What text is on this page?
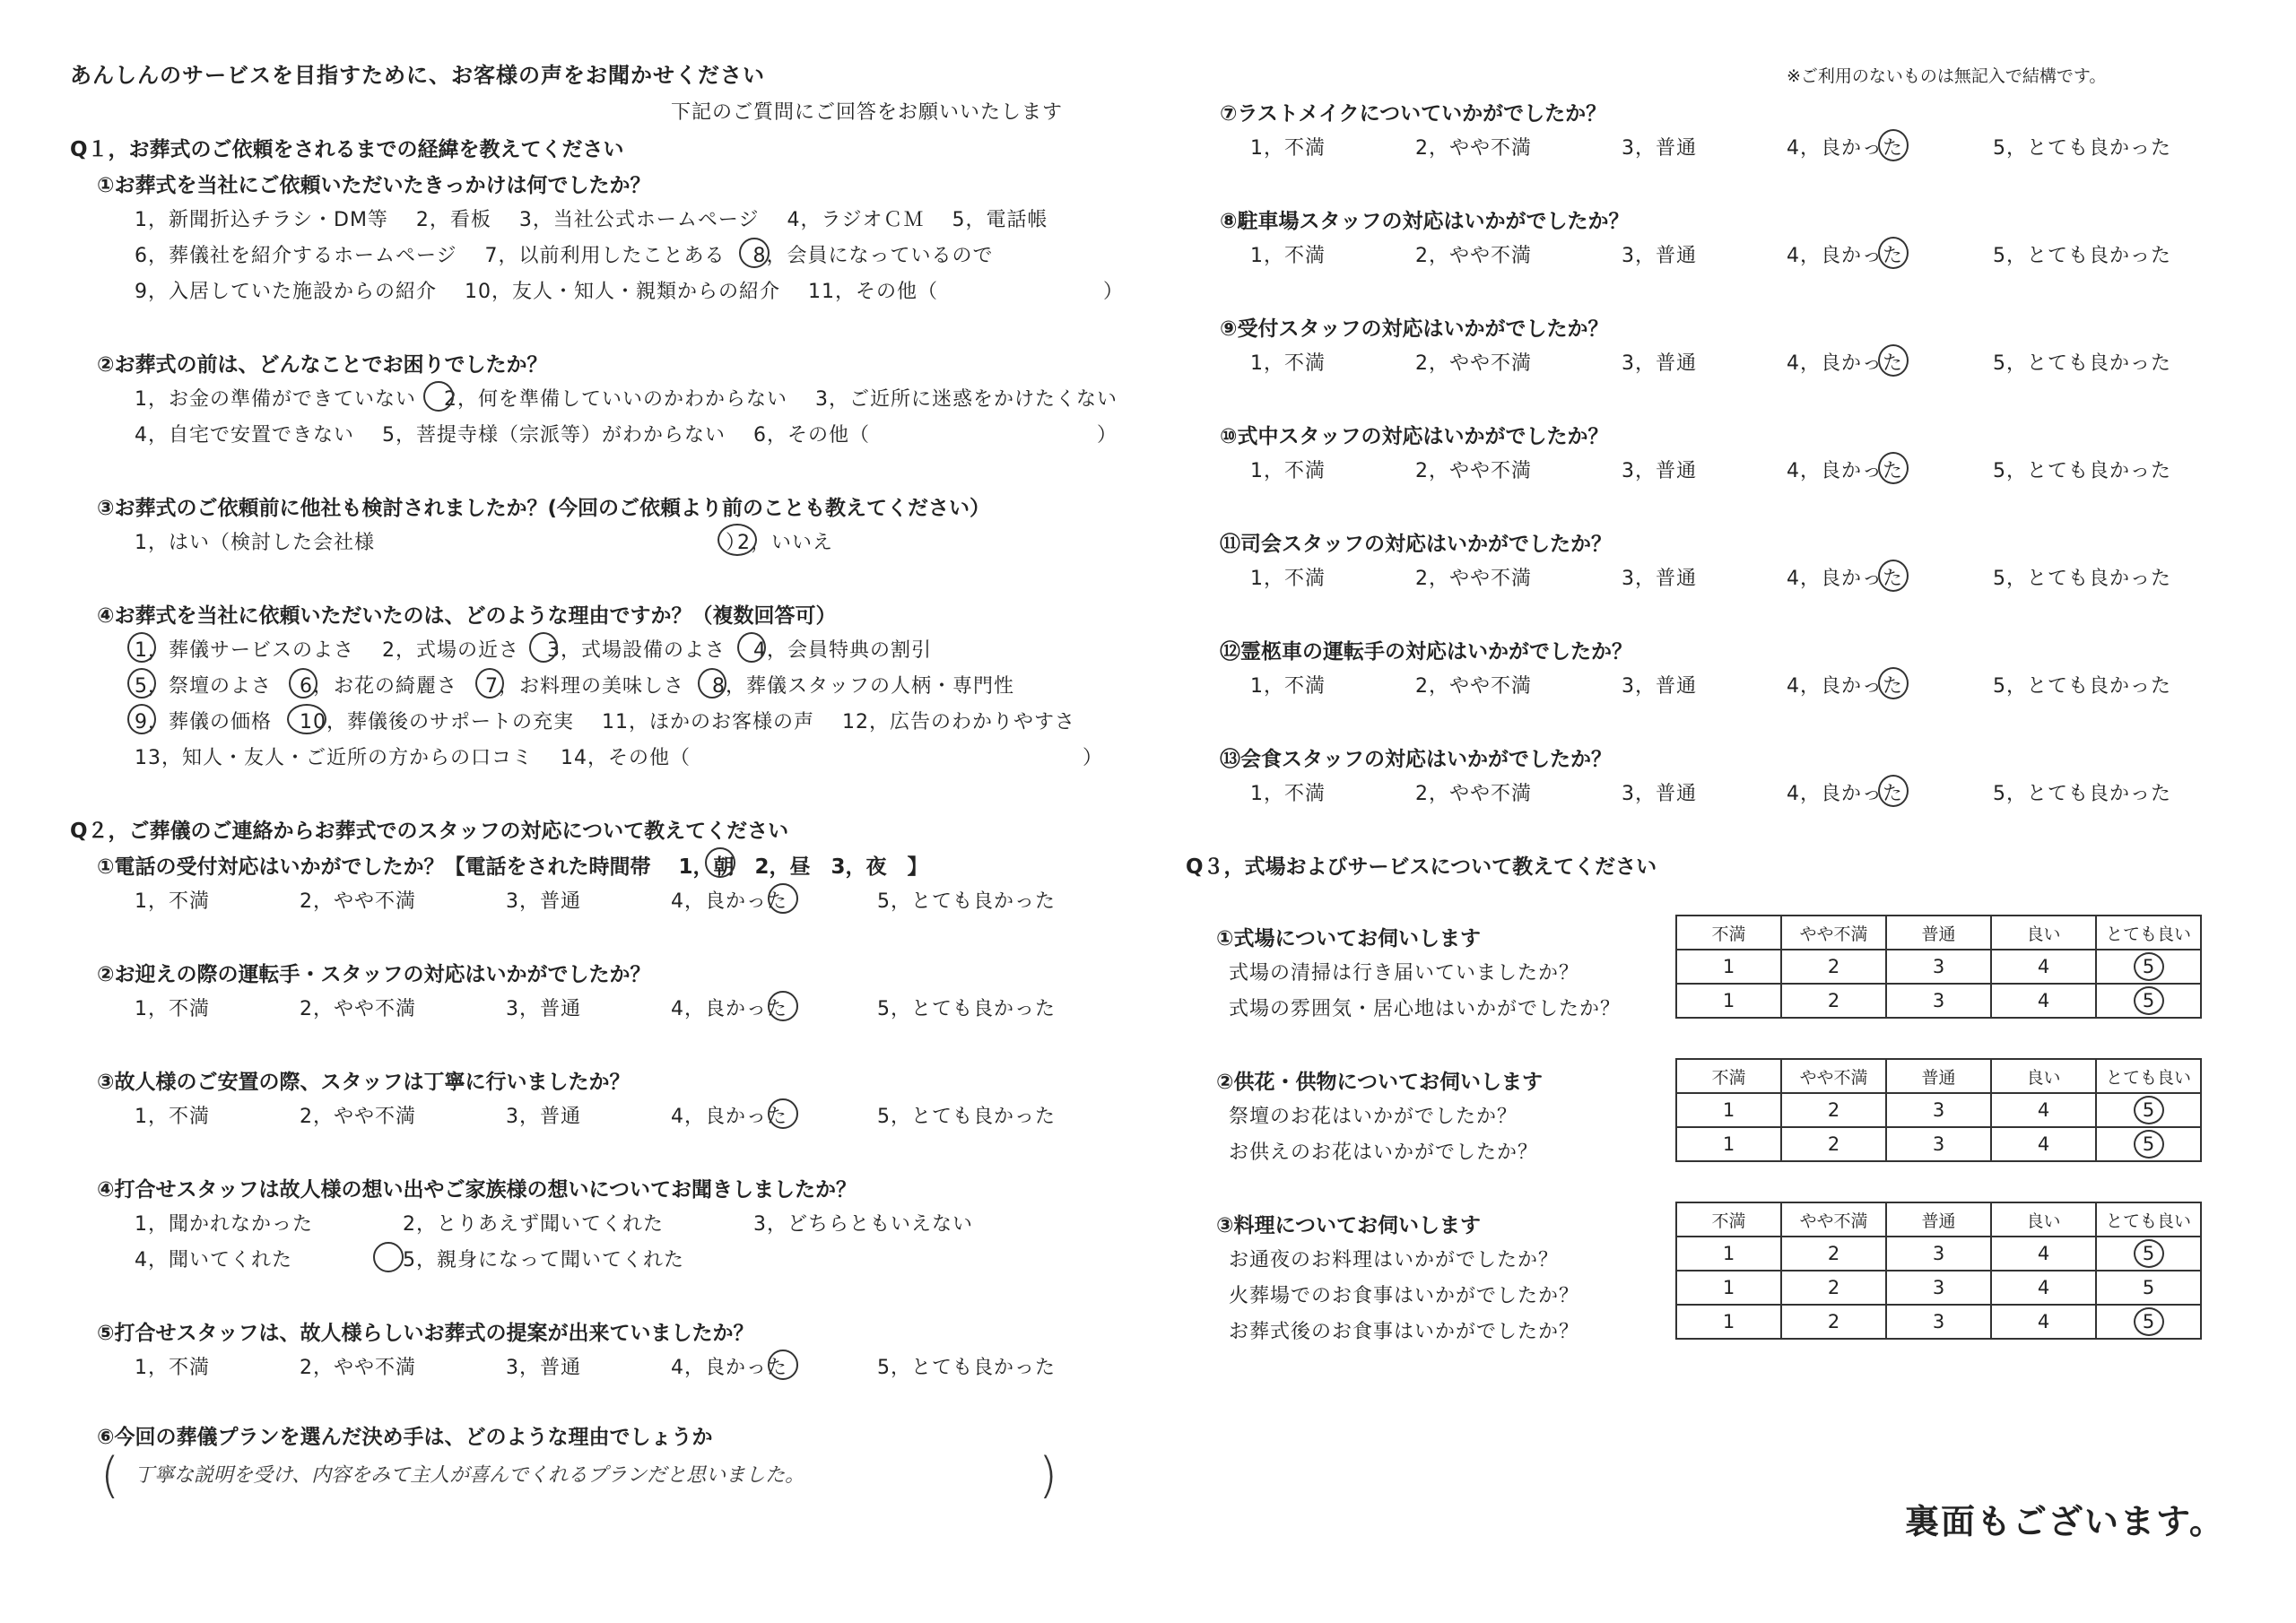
あんしんのサービスを目指すために、お客様の声をお聞かせください
下記のご質問にご回答をお願いいたします
Q１，お葬式のご依頼をされるまでの経緯を教えてください
①お葬式を当社にご依頼いただいたきっかけは何でしたか？
1，新聞折込チラシ・DM等　 2，看板　 3，当社公式ホームページ　 4，ラジオＣＭ　 5，電話帳
6，葬儀社を紹介するホームページ　 7，以前利用したことある　 8，会員になっているので
9，入居していた施設からの紹介　 10，友人・知人・親類からの紹介　 11，その他（　　　　　　　　）
②お葬式の前は、どんなことでお困りでしたか？
1，お金の準備ができていない　 2，何を準備していいのかわからない　 3，ご近所に迷惑をかけたくない
4，自宅で安置できない　 5，菩提寺様（宗派等）がわからない　 6，その他（　　　　　　　　　　　）
③お葬式のご依頼前に他社も検討されましたか？(今回のご依頼より前のことも教えてください）
1，はい（検討した会社様　　　　　　　　　　　　　　　　　）
2，いいえ
④お葬式を当社に依頼いただいたのは、どのような理由ですか？（複数回答可）
1，葬儀サービスのよさ　 2，式場の近さ　 3，式場設備のよさ　 4，会員特典の割引
5，祭壇のよさ　 6，お花の綺麗さ　 7，お料理の美味しさ　 8，葬儀スタッフの人柄・専門性
9，葬儀の価格　 10，葬儀後のサポートの充実　 11，ほかのお客様の声　 12，広告のわかりやすさ
13，知人・友人・ご近所の方からの口コミ　 14，その他（　　　　　　　　　　　　　　　　　　　）
Q２，ご葬儀のご連絡からお葬式でのスタッフの対応について教えてください
①電話の受付対応はいかがでしたか？【電話をされた時間帯　 1，朝　2，昼　3，夜　】
1，不満　　　　 2，やや不満　　　　 3，普通　　　　 4，良かった　　　　 5，とても良かった
②お迎えの際の運転手・スタッフの対応はいかがでしたか？
1，不満　　　　 2，やや不満　　　　 3，普通　　　　 4，良かった　　　　 5，とても良かった
③故人様のご安置の際、スタッフは丁寧に行いましたか？
1，不満　　　　 2，やや不満　　　　 3，普通　　　　 4，良かった　　　　 5，とても良かった
④打合せスタッフは故人様の想い出やご家族様の想いについてお聞きしましたか？
1，聞かれなかった　　　　 2，とりあえず聞いてくれた　　　　 3，どちらともいえない
4，聞いてくれた　　　　　 5，親身になって聞いてくれた
⑤打合せスタッフは、故人様らしいお葬式の提案が出来ていましたか？
1，不満　　　　 2，やや不満　　　　 3，普通　　　　 4，良かった　　　　 5，とても良かった
⑥今回の葬儀プランを選んだ決め手は、どのような理由でしょうか
( 丁寧な説明を受け、内容をみて主人が喜んでくれるプランだと思いました。	)
※ご利用のないものは無記入で結構です。
⑦ラストメイクについていかがでしたか？
1，不満　　　　 2，やや不満　　　　 3，普通　　　　 4，良かった　　　　 5，とても良かった
⑧駐車場スタッフの対応はいかがでしたか？
1，不満　　　　 2，やや不満　　　　 3，普通　　　　 4，良かった　　　　 5，とても良かった
⑨受付スタッフの対応はいかがでしたか？
1，不満　　　　 2，やや不満　　　　 3，普通　　　　 4，良かった　　　　 5，とても良かった
⑩式中スタッフの対応はいかがでしたか？
1，不満　　　　 2，やや不満　　　　 3，普通　　　　 4，良かった　　　　 5，とても良かった
⑪司会スタッフの対応はいかがでしたか？
1，不満　　　　 2，やや不満　　　　 3，普通　　　　 4，良かった　　　　 5，とても良かった
⑫霊柩車の運転手の対応はいかがでしたか？
1，不満　　　　 2，やや不満　　　　 3，普通　　　　 4，良かった　　　　 5，とても良かった
⑬会食スタッフの対応はいかがでしたか？
1，不満　　　　 2，やや不満　　　　 3，普通　　　　 4，良かった　　　　 5，とても良かった
Q３，式場およびサービスについて教えてください
①式場についてお伺いします
式場の清掃は行き届いていましたか？
式場の雰囲気・居心地はいかがでしたか？
不満	やや不満	普通	良い	とても良い
1	2	3	4	5
1	2	3	4	5
②供花・供物についてお伺いします
祭壇のお花はいかがでしたか？
お供えのお花はいかがでしたか？
不満	やや不満	普通	良い	とても良い
1	2	3	4	5
1	2	3	4	5
③料理についてお伺いします
お通夜のお料理はいかがでしたか？
火葬場でのお食事はいかがでしたか？
お葬式後のお食事はいかがでしたか？
不満	やや不満	普通	良い	とても良い
1	2	3	4	5
1	2	3	4	5
1	2	3	4	5
裏面もございます。
